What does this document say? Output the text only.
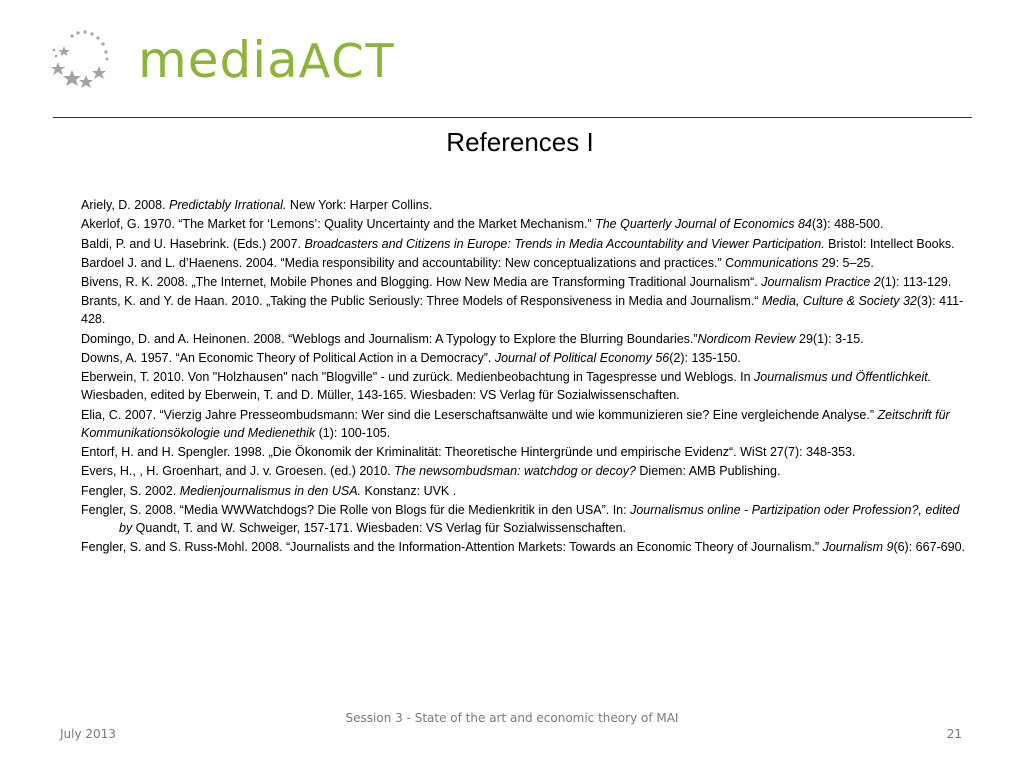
mediaACT
References I
Ariely, D. 2008. Predictably Irrational. New York: Harper Collins.
Akerlof, G. 1970. “The Market for ‘Lemons’: Quality Uncertainty and the Market Mechanism.” The Quarterly Journal of Economics 84(3): 488-500.
Baldi, P. and U. Hasebrink. (Eds.) 2007. Broadcasters and Citizens in Europe: Trends in Media Accountability and Viewer Participation. Bristol: Intellect Books.
Bardoel J. and L. d’Haenens. 2004. “Media responsibility and accountability: New conceptualizations and practices.” Communications 29: 5–25.
Bivens, R. K. 2008. „The Internet, Mobile Phones and Blogging. How New Media are Transforming Traditional Journalism“. Journalism Practice 2(1): 113-129.
Brants, K. and Y. de Haan. 2010. „Taking the Public Seriously: Three Models of Responsiveness in Media and Journalism.“ Media, Culture & Society 32(3): 411-428.
Domingo, D. and A. Heinonen. 2008. “Weblogs and Journalism: A Typology to Explore the Blurring Boundaries.”Nordicom Review 29(1): 3-15.
Downs, A. 1957. “An Economic Theory of Political Action in a Democracy”. Journal of Political Economy 56(2): 135-150.
Eberwein, T. 2010. Von "Holzhausen" nach "Blogville" - und zurück. Medienbeobachtung in Tagespresse und Weblogs. In Journalismus und Öffentlichkeit. Wiesbaden, edited by Eberwein, T. and D. Müller, 143-165. Wiesbaden: VS Verlag für Sozialwissenschaften.
Elia, C. 2007. “Vierzig Jahre Presseombudsmann: Wer sind die Leserschaftsanwälte und wie kommunizieren sie? Eine vergleichende Analyse.” Zeitschrift für Kommunikationsökologie und Medienethik (1): 100-105.
Entorf, H. and H. Spengler. 1998. „Die Ökonomik der Kriminalität: Theoretische Hintergründe und empirische Evidenz“. WiSt 27(7): 348-353.
Evers, H., , H. Groenhart, and J. v. Groesen. (ed.) 2010. The newsombudsman: watchdog or decoy? Diemen: AMB Publishing.
Fengler, S. 2002. Medienjournalismus in den USA. Konstanz: UVK .
Fengler, S. 2008. “Media WWWatchdogs? Die Rolle von Blogs für die Medienkritik in den USA”. In: Journalismus online - Partizipation oder Profession?, edited by Quandt, T. and W. Schweiger, 157-171. Wiesbaden: VS Verlag für Sozialwissenschaften.
Fengler, S. and S. Russ-Mohl. 2008. “Journalists and the Information-Attention Markets: Towards an Economic Theory of Journalism.” Journalism 9(6): 667-690.
Session 3 - State of the art and economic theory of MAI
July 2013	21
